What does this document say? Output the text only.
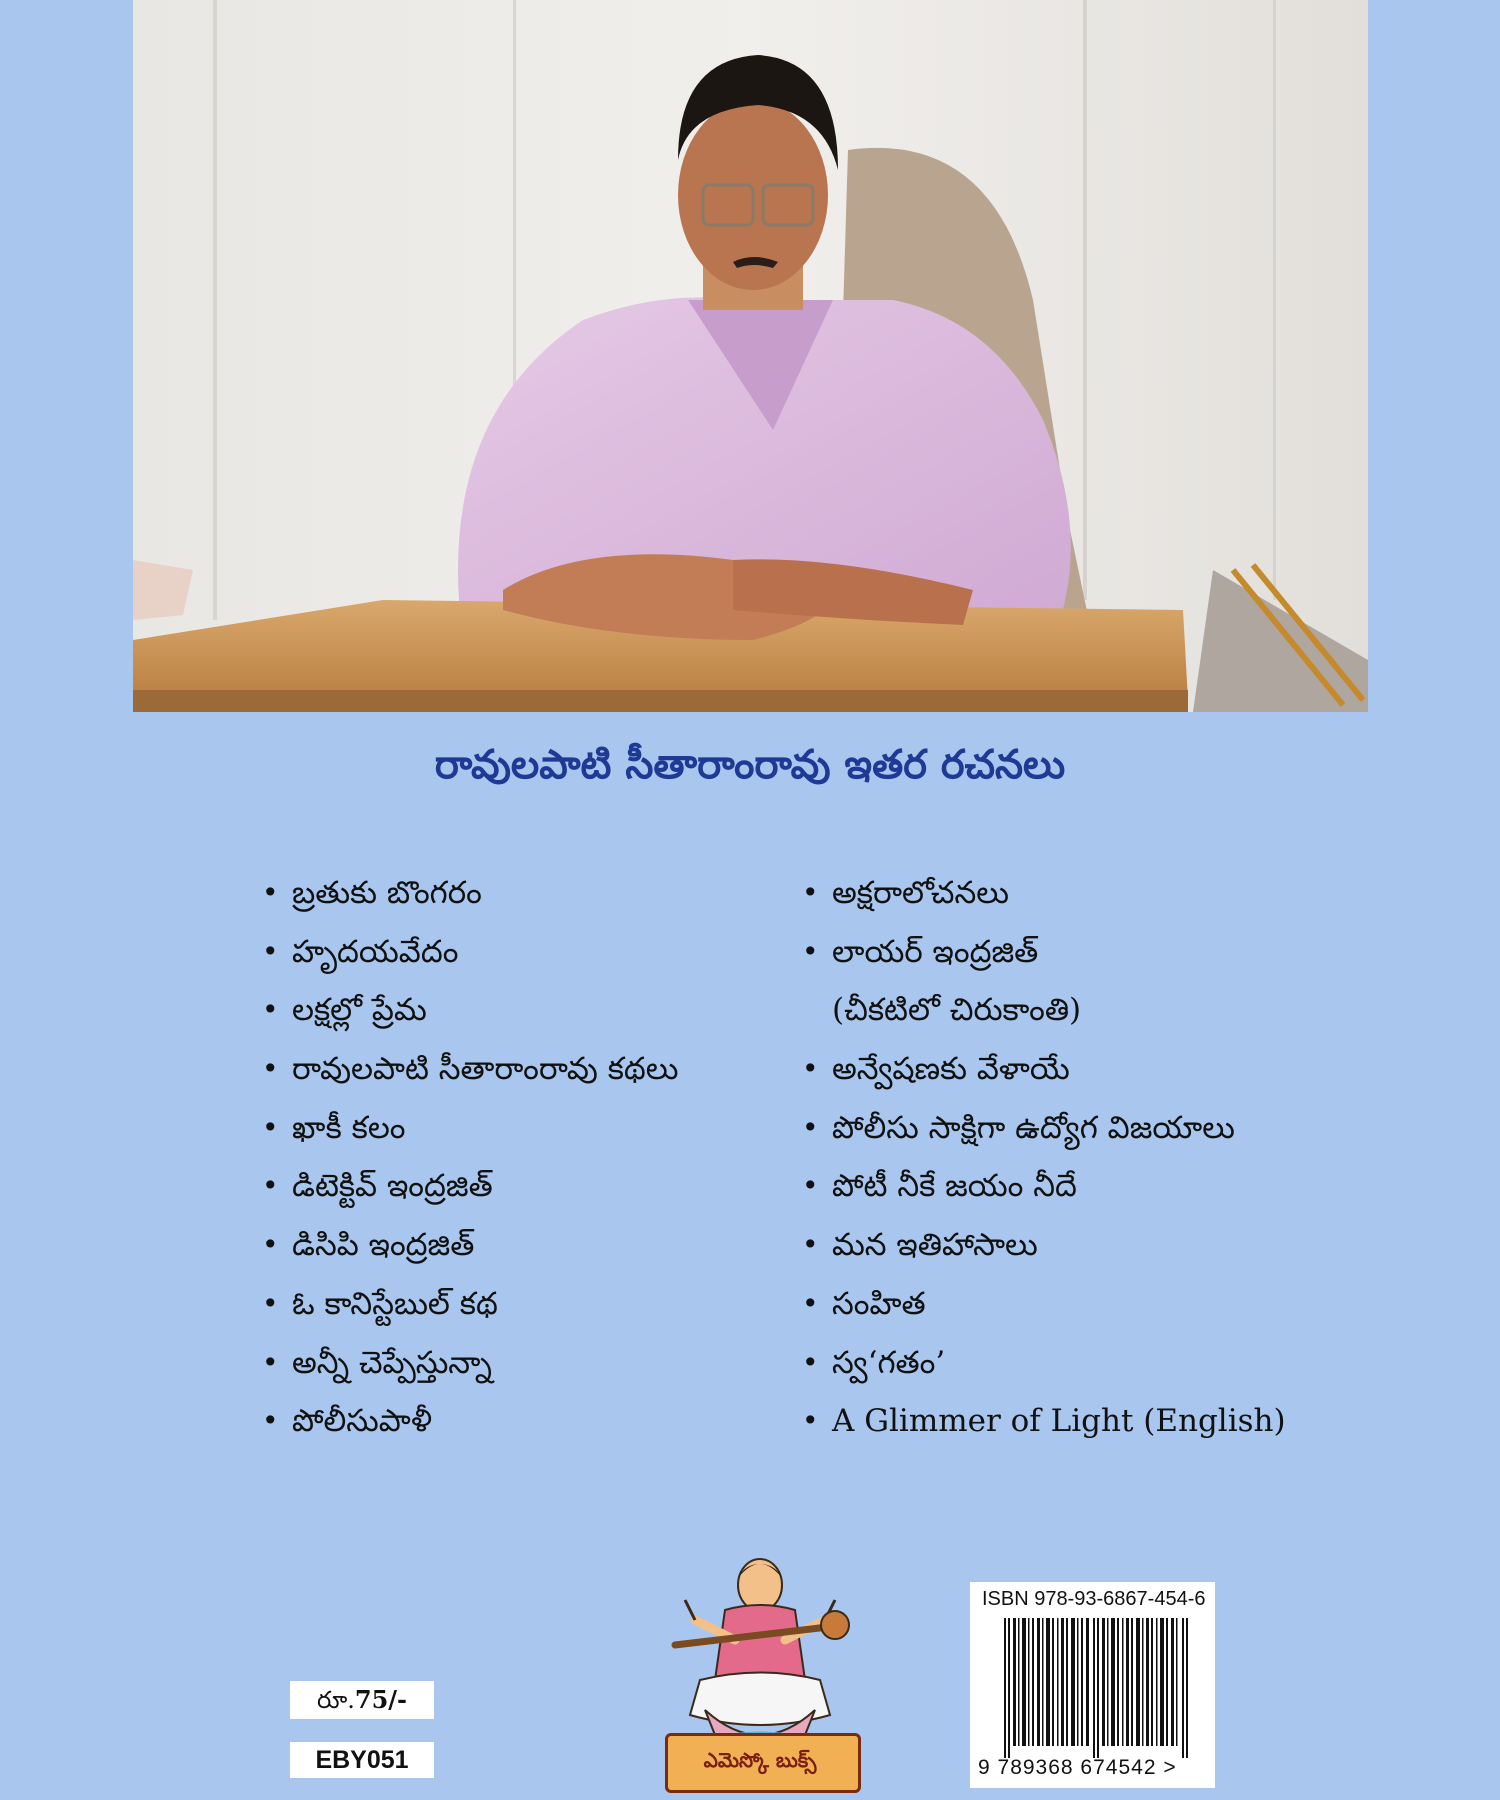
రావులపాటి సీతారాంరావు ఇతర రచనలు
• బ్రతుకు బొంగరం
• హృదయవేదం
• లక్షల్లో ప్రేమ
• రావులపాటి సీతారాంరావు కథలు
• ఖాకీ కలం
• డిటెక్టివ్ ఇంద్రజిత్
• డిసిపి ఇంద్రజిత్
• ఓ కానిస్టేబుల్ కథ
• అన్నీ చెప్పేస్తున్నా
• పోలీసుపాళీ
• అక్షరాలోచనలు
• లాయర్ ఇంద్రజిత్
(చీకటిలో చిరుకాంతి)
• అన్వేషణకు వేళాయే
• పోలీసు సాక్షిగా ఉద్యోగ విజయాలు
• పోటీ నీకే జయం నీదే
• మన ఇతిహాసాలు
• సంహిత
• స్వ‘గతం’
• A Glimmer of Light (English)
రూ.75/-
EBY051	ఎమెస్కో బుక్స్
ISBN 978-93-6867-454-6
9 789368 674542 >
